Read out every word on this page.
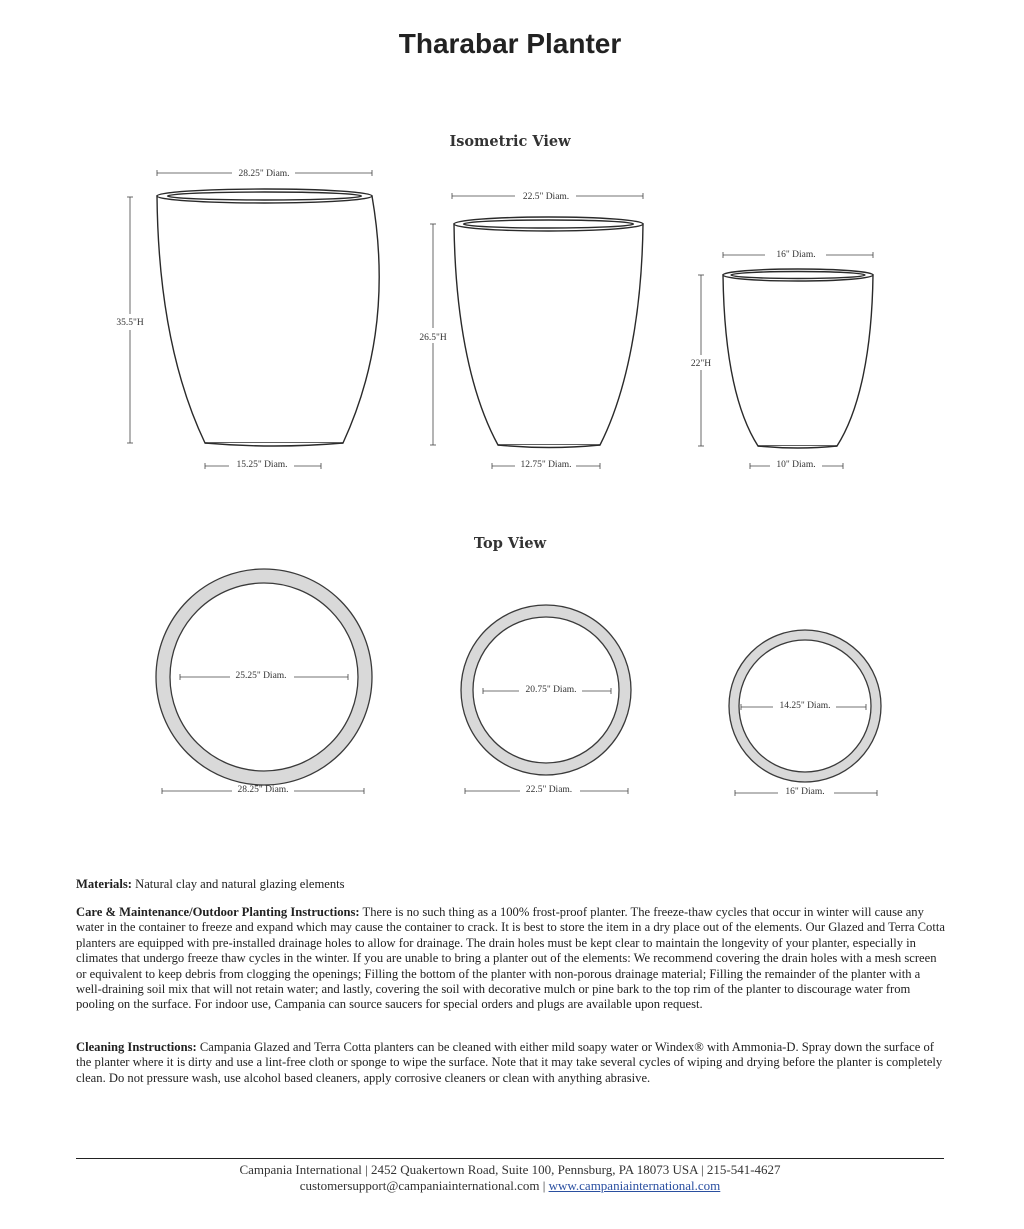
Tharabar Planter
Isometric View
Top View
28.25" Diam.
35.5"H
15.25" Diam.
22.5" Diam.
26.5"H
12.75" Diam.
16" Diam.
22"H
10" Diam.
25.25" Diam.
28.25" Diam.
20.75" Diam.
22.5" Diam.
14.25" Diam.
16" Diam.
Materials: Natural clay and natural glazing elements
Care & Maintenance/Outdoor Planting Instructions: There is no such thing as a 100% frost-proof planter. The freeze-thaw cycles that occur in winter will cause any water in the container to freeze and expand which may cause the container to crack. It is best to store the item in a dry place out of the elements. Our Glazed and Terra Cotta planters are equipped with pre-installed drainage holes to allow for drainage. The drain holes must be kept clear to maintain the longevity of your planter, especially in climates that undergo freeze thaw cycles in the winter. If you are unable to bring a planter out of the elements: We recommend covering the drain holes with a mesh screen or equivalent to keep debris from clogging the openings; Filling the bottom of the planter with non-porous drainage material; Filling the remainder of the planter with a well-draining soil mix that will not retain water; and lastly, covering the soil with decorative mulch or pine bark to the top rim of the planter to discourage water from pooling on the surface. For indoor use, Campania can source saucers for special orders and plugs are available upon request.
Cleaning Instructions: Campania Glazed and Terra Cotta planters can be cleaned with either mild soapy water or Windex® with Ammonia-D. Spray down the surface of the planter where it is dirty and use a lint-free cloth or sponge to wipe the surface. Note that it may take several cycles of wiping and drying before the planter is completely clean. Do not pressure wash, use alcohol based cleaners, apply corrosive cleaners or clean with anything abrasive.
Campania International | 2452 Quakertown Road, Suite 100, Pennsburg, PA 18073 USA | 215-541-4627
customersupport@campaniainternational.com | www.campaniainternational.com
